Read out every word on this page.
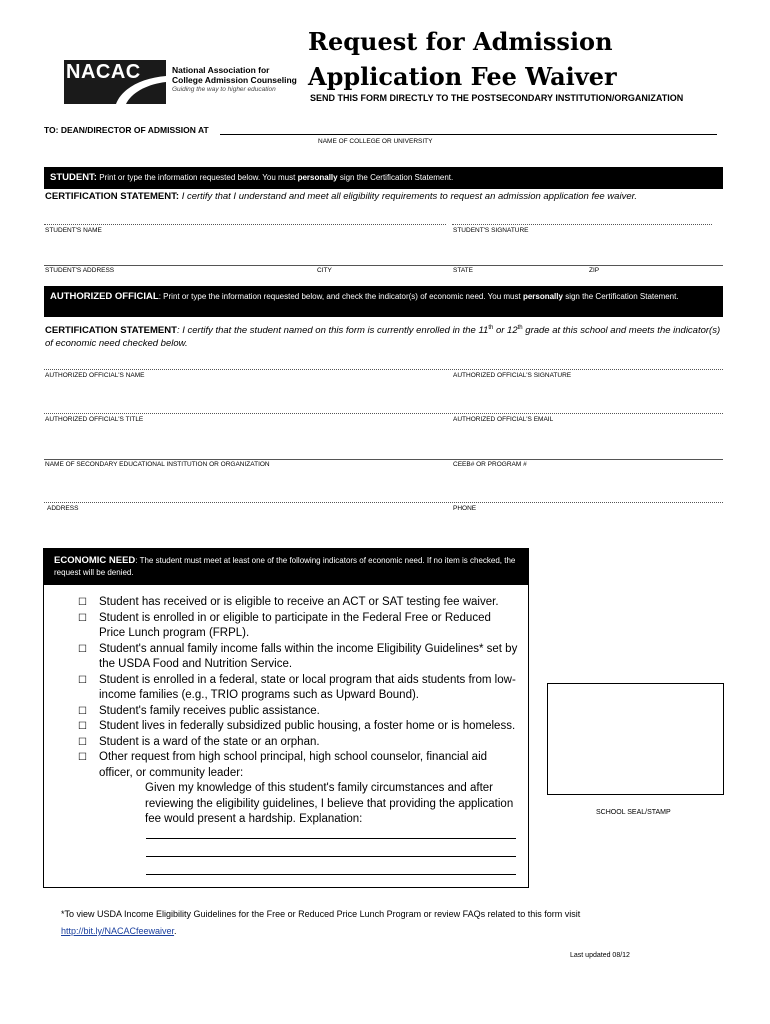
NACAC	National Association for College Admission Counseling
Guiding the way to higher education
Request for Admission Application Fee Waiver
SEND THIS FORM DIRECTLY TO THE POSTSECONDARY INSTITUTION/ORGANIZATION
TO: DEAN/DIRECTOR OF ADMISSION AT
NAME OF COLLEGE OR UNIVERSITY
STUDENT: Print or type the information requested below. You must personally sign the Certification Statement.
CERTIFICATION STATEMENT: I certify that I understand and meet all eligibility requirements to request an admission application fee waiver.
STUDENT'S NAME	STUDENT'S SIGNATURE
STUDENT'S ADDRESS	CITY	STATE	ZIP
AUTHORIZED OFFICIAL: Print or type the information requested below, and check the indicator(s) of economic need. You must personally sign the Certification Statement.
CERTIFICATION STATEMENT: I certify that the student named on this form is currently enrolled in the 11th or 12th grade at this school and meets the indicator(s) of economic need checked below.
AUTHORIZED OFFICIAL'S NAME	AUTHORIZED OFFICIAL'S SIGNATURE
AUTHORIZED OFFICIAL'S TITLE	AUTHORIZED OFFICIAL'S EMAIL
NAME OF SECONDARY EDUCATIONAL INSTITUTION OR ORGANIZATION	CEEB# OR PROGRAM #
ADDRESS	PHONE
ECONOMIC NEED: The student must meet at least one of the following indicators of economic need. If no item is checked, the request will be denied.
☐	Student has received or is eligible to receive an ACT or SAT testing fee waiver.
☐	Student is enrolled in or eligible to participate in the Federal Free or Reduced Price Lunch program (FRPL).
☐	Student's annual family income falls within the income Eligibility Guidelines* set by the USDA Food and Nutrition Service.
☐	Student is enrolled in a federal, state or local program that aids students from low-income families (e.g., TRIO programs such as Upward Bound).
☐	Student's family receives public assistance.
☐	Student lives in federally subsidized public housing, a foster home or is homeless.
☐	Student is a ward of the state or an orphan.
☐	Other request from high school principal, high school counselor, financial aid officer, or community leader:
Given my knowledge of this student's family circumstances and after reviewing the eligibility guidelines, I believe that providing the application fee would present a hardship. Explanation:
SCHOOL SEAL/STAMP
*To view USDA Income Eligibility Guidelines for the Free or Reduced Price Lunch Program or review FAQs related to this form visit
http://bit.ly/NACACfeewaiver.
Last updated 08/12
